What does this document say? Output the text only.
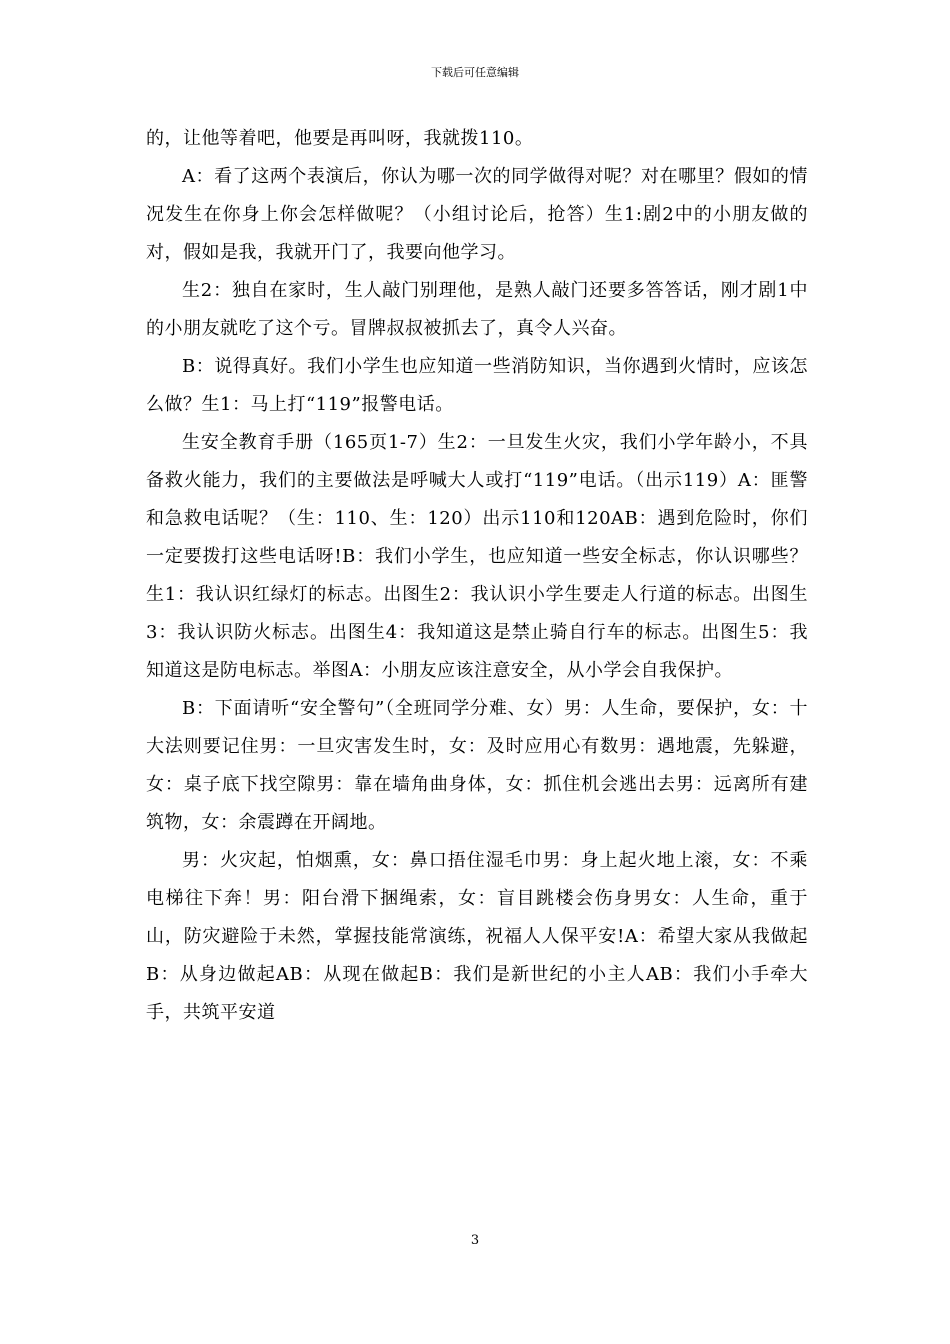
下载后可任意编辑

的，让他等着吧，他要是再叫呀，我就拨110。

A：看了这两个表演后，你认为哪一次的同学做得对呢？对在哪里？假如的情况发生在你身上你会怎样做呢？（小组讨论后，抢答）生1:剧2中的小朋友做的对，假如是我，我就开门了，我要向他学习。

生2：独自在家时，生人敲门别理他，是熟人敲门还要多答答话，刚才剧1中的小朋友就吃了这个亏。冒牌叔叔被抓去了，真令人兴奋。

B：说得真好。我们小学生也应知道一些消防知识，当你遇到火情时，应该怎么做？生1：马上打“119”报警电话。

生安全教育手册（165页1-7）生2：一旦发生火灾，我们小学年龄小，不具备救火能力，我们的主要做法是呼喊大人或打“119”电话。（出示119）A：匪警和急救电话呢？（生：110、生：120）出示110和120AB：遇到危险时，你们一定要拨打这些电话呀!B：我们小学生，也应知道一些安全标志，你认识哪些？生1：我认识红绿灯的标志。出图生2：我认识小学生要走人行道的标志。出图生3：我认识防火标志。出图生4：我知道这是禁止骑自行车的标志。出图生5：我知道这是防电标志。举图A：小朋友应该注意安全，从小学会自我保护。

B：下面请听“安全警句”（全班同学分难、女）男：人生命，要保护，女：十大法则要记住男：一旦灾害发生时，女：及时应用心有数男：遇地震，先躲避，女：桌子底下找空隙男：靠在墙角曲身体，女：抓住机会逃出去男：远离所有建筑物，女：余震蹲在开阔地。

男：火灾起，怕烟熏，女：鼻口捂住湿毛巾男：身上起火地上滚，女：不乘电梯往下奔！男：阳台滑下捆绳索，女：盲目跳楼会伤身男女：人生命，重于山，防灾避险于未然，掌握技能常演练，祝福人人保平安!A：希望大家从我做起B：从身边做起AB：从现在做起B：我们是新世纪的小主人AB：我们小手牵大手，共筑平安道

3
